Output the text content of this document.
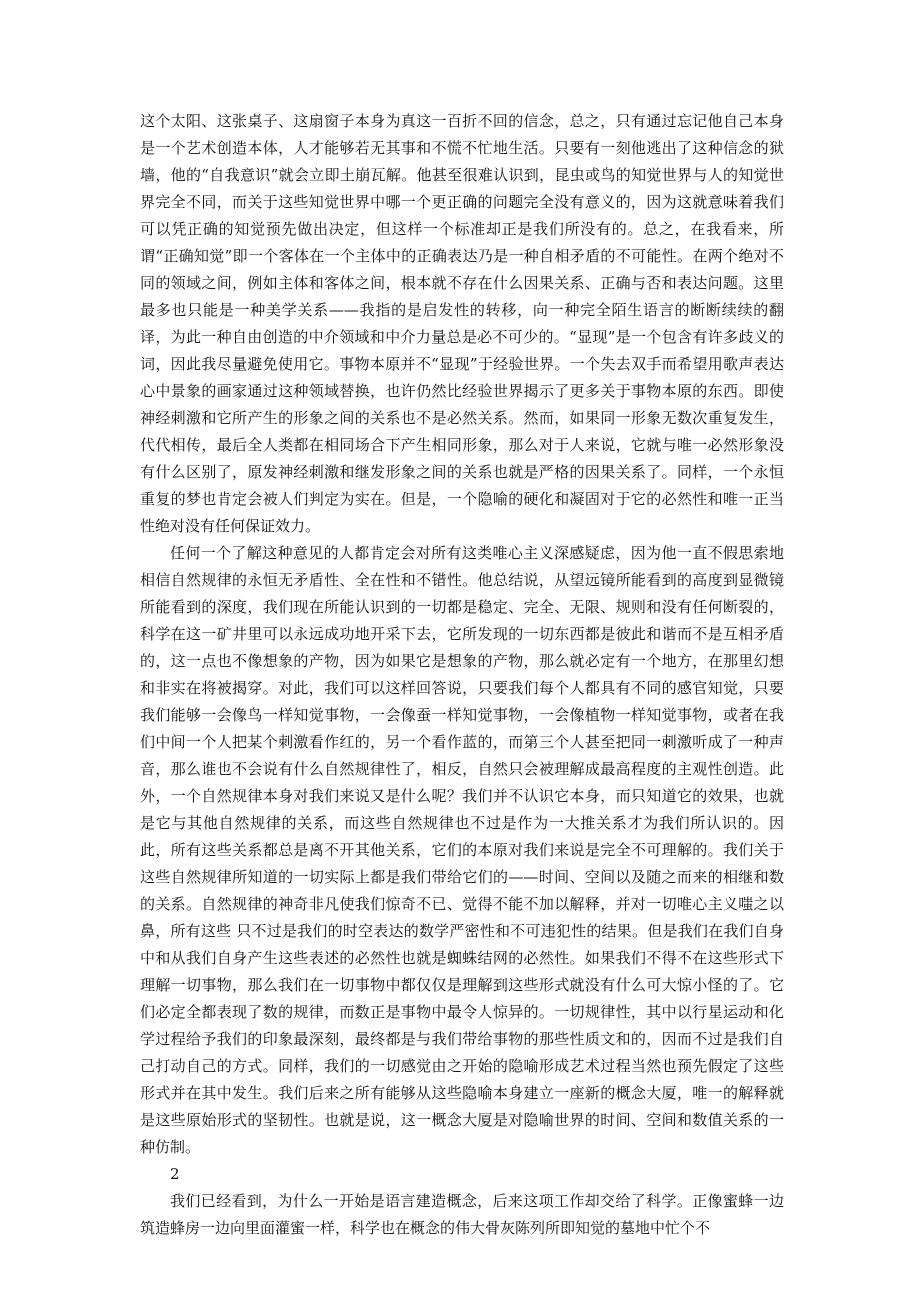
这个太阳、这张桌子、这扇窗子本身为真这一百折不回的信念，总之，只有通过忘记他自己本身是一个艺术创造本体，人才能够若无其事和不慌不忙地生活。只要有一刻他逃出了这种信念的狱墙，他的“自我意识”就会立即土崩瓦解。他甚至很难认识到，昆虫或鸟的知觉世界与人的知觉世界完全不同，而关于这些知觉世界中哪一个更正确的问题完全没有意义的，因为这就意味着我们可以凭正确的知觉预先做出决定，但这样一个标准却正是我们所没有的。总之，在我看来，所谓“正确知觉”即一个客体在一个主体中的正确表达乃是一种自相矛盾的不可能性。在两个绝对不同的领域之间，例如主体和客体之间，根本就不存在什么因果关系、正确与否和表达问题。这里最多也只能是一种美学关系——我指的是启发性的转移，向一种完全陌生语言的断断续续的翻译，为此一种自由创造的中介领域和中介力量总是必不可少的。“显现”是一个包含有许多歧义的词，因此我尽量避免使用它。事物本原并不“显现”于经验世界。一个失去双手而希望用歌声表达心中景象的画家通过这种领域替换，也许仍然比经验世界揭示了更多关于事物本原的东西。即使神经刺激和它所产生的形象之间的关系也不是必然关系。然而，如果同一形象无数次重复发生，代代相传，最后全人类都在相同场合下产生相同形象，那么对于人来说，它就与唯一必然形象没有什么区别了，原发神经刺激和继发形象之间的关系也就是严格的因果关系了。同样，一个永恒重复的梦也肯定会被人们判定为实在。但是，一个隐喻的硬化和凝固对于它的必然性和唯一正当性绝对没有任何保证效力。

任何一个了解这种意见的人都肯定会对所有这类唯心主义深感疑虑，因为他一直不假思索地相信自然规律的永恒无矛盾性、全在性和不错性。他总结说，从望远镜所能看到的高度到显微镜所能看到的深度，我们现在所能认识到的一切都是稳定、完全、无限、规则和没有任何断裂的，科学在这一矿井里可以永远成功地开采下去，它所发现的一切东西都是彼此和谐而不是互相矛盾的，这一点也不像想象的产物，因为如果它是想象的产物，那么就必定有一个地方，在那里幻想和非实在将被揭穿。对此，我们可以这样回答说，只要我们每个人都具有不同的感官知觉，只要我们能够一会像鸟一样知觉事物，一会像蚕一样知觉事物，一会像植物一样知觉事物，或者在我们中间一个人把某个刺激看作红的，另一个看作蓝的，而第三个人甚至把同一刺激听成了一种声音，那么谁也不会说有什么自然规律性了，相反，自然只会被理解成最高程度的主观性创造。此外，一个自然规律本身对我们来说又是什么呢？我们并不认识它本身，而只知道它的效果，也就是它与其他自然规律的关系，而这些自然规律也不过是作为一大推关系才为我们所认识的。因此，所有这些关系都总是离不开其他关系，它们的本原对我们来说是完全不可理解的。我们关于这些自然规律所知道的一切实际上都是我们带给它们的——时间、空间以及随之而来的相继和数的关系。自然规律的神奇非凡使我们惊奇不已、觉得不能不加以解释，并对一切唯心主义嗤之以鼻，所有这些 只不过是我们的时空表达的数学严密性和不可违犯性的结果。但是我们在我们自身中和从我们自身产生这些表述的必然性也就是蜘蛛结网的必然性。如果我们不得不在这些形式下理解一切事物，那么我们在一切事物中都仅仅是理解到这些形式就没有什么可大惊小怪的了。它们必定全都表现了数的规律，而数正是事物中最令人惊异的。一切规律性，其中以行星运动和化学过程给予我们的印象最深刻，最终都是与我们带给事物的那些性质文和的，因而不过是我们自己打动自己的方式。同样，我们的一切感觉由之开始的隐喻形成艺术过程当然也预先假定了这些形式并在其中发生。我们后来之所有能够从这些隐喻本身建立一座新的概念大厦，唯一的解释就是这些原始形式的坚韧性。也就是说，这一概念大厦是对隐喻世界的时间、空间和数值关系的一种仿制。

2

我们已经看到，为什么一开始是语言建造概念，后来这项工作却交给了科学。正像蜜蜂一边筑造蜂房一边向里面灌蜜一样，科学也在概念的伟大骨灰陈列所即知觉的墓地中忙个不
